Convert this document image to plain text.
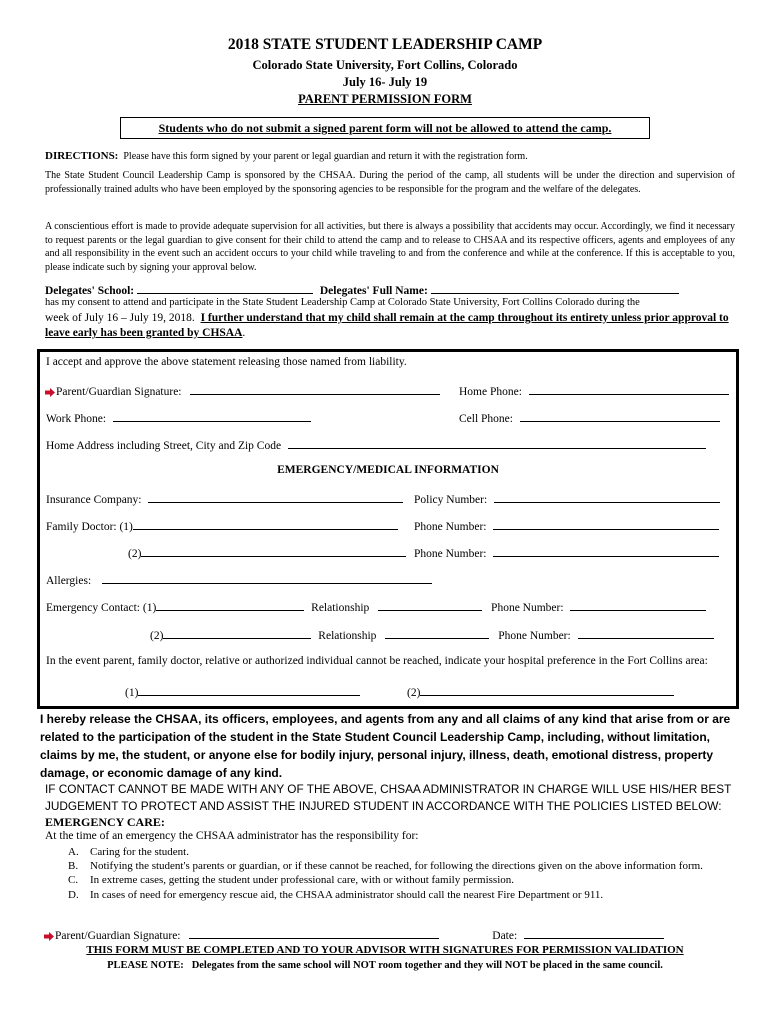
2018 STATE STUDENT LEADERSHIP CAMP
Colorado State University, Fort Collins, Colorado
July 16- July 19
PARENT PERMISSION FORM
Students who do not submit a signed parent form will not be allowed to attend the camp.
DIRECTIONS: Please have this form signed by your parent or legal guardian and return it with the registration form.
The State Student Council Leadership Camp is sponsored by the CHSAA. During the period of the camp, all students will be under the direction and supervision of professionally trained adults who have been employed by the sponsoring agencies to be responsible for the program and the welfare of the delegates.
A conscientious effort is made to provide adequate supervision for all activities, but there is always a possibility that accidents may occur. Accordingly, we find it necessary to request parents or the legal guardian to give consent for their child to attend the camp and to release to CHSAA and its respective officers, agents and employees of any and all responsibility in the event such an accident occurs to your child while traveling to and from the conference and while at the conference. If this is acceptable to you, please indicate such by signing your approval below.
Delegates' School:	Delegates' Full Name:
has my consent to attend and participate in the State Student Leadership Camp at Colorado State University, Fort Collins Colorado during the
week of July 16 – July 19, 2018. I further understand that my child shall remain at the camp throughout its entirety unless prior approval to leave early has been granted by CHSAA.
I accept and approve the above statement releasing those named from liability.
Parent/Guardian Signature:	Home Phone:
Work Phone:	Cell Phone:
Home Address including Street, City and Zip Code
EMERGENCY/MEDICAL INFORMATION
Insurance Company:	Policy Number:
Family Doctor: (1)	Phone Number:
(2)	Phone Number:
Allergies:
Emergency Contact: (1)	Relationship	Phone Number:
(2)	Relationship	Phone Number:
In the event parent, family doctor, relative or authorized individual cannot be reached, indicate your hospital preference in the Fort Collins area:
(1)	(2)
I hereby release the CHSAA, its officers, employees, and agents from any and all claims of any kind that arise from or are related to the participation of the student in the State Student Council Leadership Camp, including, without limitation, claims by me, the student, or anyone else for bodily injury, personal injury, illness, death, emotional distress, property damage, or economic damage of any kind.
IF CONTACT CANNOT BE MADE WITH ANY OF THE ABOVE, CHSAA ADMINISTRATOR IN CHARGE WILL USE HIS/HER BEST JUDGEMENT TO PROTECT AND ASSIST THE INJURED STUDENT IN ACCORDANCE WITH THE POLICIES LISTED BELOW:
EMERGENCY CARE:
At the time of an emergency the CHSAA administrator has the responsibility for:
A.	Caring for the student.
B.	Notifying the student's parents or guardian, or if these cannot be reached, for following the directions given on the above information form.
C.	In extreme cases, getting the student under professional care, with or without family permission.
D.	In cases of need for emergency rescue aid, the CHSAA administrator should call the nearest Fire Department or 911.
Parent/Guardian Signature:	Date:
THIS FORM MUST BE COMPLETED AND TO YOUR ADVISOR WITH SIGNATURES FOR PERMISSION VALIDATION
PLEASE NOTE: Delegates from the same school will NOT room together and they will NOT be placed in the same council.
